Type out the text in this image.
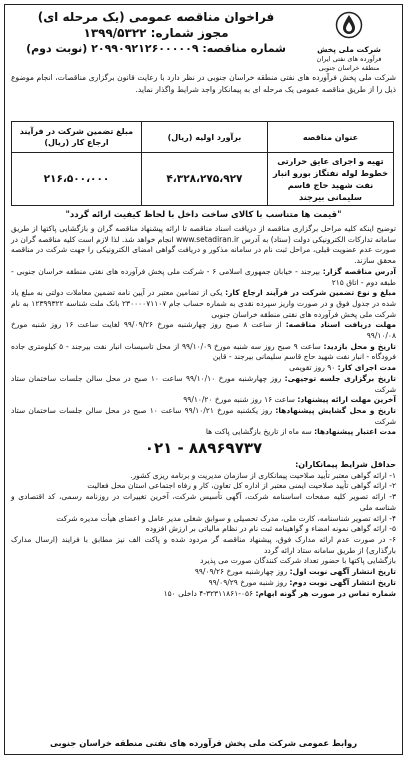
شرکت ملی پخش
فرآورده های نفتی ایران
منطقه خراسان جنوبی
فراخوان مناقصه عمومی (یک مرحله ای)
مجوز شماره: ۱۳۹۹/۵۳۲۲
شماره مناقصه: ۲۰۹۹۰۹۲۱۲۶۰۰۰۰۰۹ (نوبت دوم)
شرکت ملی پخش فرآورده های نفتی منطقه خراسان جنوبی در نظر دارد با رعایت قانون برگزاری مناقصات، انجام موضوع ذیل را از طریق مناقصه عمومی یک مرحله ای به پیمانکار واجد شرایط واگذار نماید.
عنوان مناقصه	برآورد اولیه (ریال)	مبلغ تضمین شرکت در فرآیند ارجاع کار (ریال)
تهیه و اجرای عایق حرارتی خطوط لوله نفتگاز بورو انبار نفت شهید حاج قاسم سلیمانی بیرجند	۴،۳۲۸،۲۷۵،۹۲۷	۲۱۶،۵۰۰،۰۰۰
"قیمت ها متناسب با کالای ساخت داخل با لحاظ کیفیت ارائه گردد"

توضیح اینکه کلیه مراحل برگزاری مناقصه از دریافت اسناد مناقصه تا ارائه پیشنهاد مناقصه گران و بازگشایی پاکتها از طریق سامانه تدارکات الکترونیکی دولت (ستاد) به آدرس www.setadiran.ir انجام خواهد شد. لذا لازم است کلیه مناقصه گران در صورت عدم عضویت قبلی، مراحل ثبت نام در سامانه مذکور و دریافت گواهی امضای الکترونیکی را جهت شرکت در مناقصه محقق سازند.

آدرس مناقصه گزار: بیرجند - خیابان جمهوری اسلامی ۶ - شرکت ملی پخش فرآورده های نفتی منطقه خراسان جنوبی - طبقه دوم - اتاق ۲۱۵

مبلغ و نوع تضمین شرکت در فرآیند ارجاع کار: یکی از تضامین معتبر در آیین نامه تضمین معاملات دولتی به مبلغ یاد شده در جدول فوق و در صورت واریز سپرده نقدی به شماره حساب جام ۲۳۰۰۰۰۷۱۱۰۷ بانک ملت شناسه ۱۲۳۹۹۳۲۲ به نام شرکت ملی پخش فرآورده های نفتی منطقه خراسان جنوبی

مهلت دریافت اسناد مناقصه: از ساعت ۸ صبح روز چهارشنبه مورخ ۹۹/۰۹/۲۶ لغایت ساعت ۱۶ روز شنبه مورخ ۹۹/۱۰/۰۸

تاریخ و محل بازدید: ساعت ۹ صبح روز سه شنبه مورخ ۹۹/۱۰/۰۹ از محل تاسیسات انبار نفت بیرجند - ۵ کیلومتری جاده فرودگاه - انبار نفت شهید حاج قاسم سلیمانی بیرجند - قاین

مدت اجرای کار: ۹۰ روز تقویمی

تاریخ برگزاری جلسه توجیهی: روز چهارشنبه مورخ ۹۹/۱۰/۱۰ ساعت ۱۰ صبح در محل سالن جلسات ساختمان ستاد شرکت

آخرین مهلت ارائه پیشنهاد: ساعت ۱۶ روز شنبه مورخ ۹۹/۱۰/۲۰

تاریخ و محل گشایش پیشنهادها: روز یکشنبه مورخ ۹۹/۱۰/۲۱ ساعت ۱۰ صبح در محل سالن جلسات ساختمان ستاد شرکت

مدت اعتبار پیشنهادها: سه ماه از تاریخ بازگشایی پاکت ها

۰۲۱ - ۸۸۹۶۹۷۳۷

حداقل شرایط پیمانکاران:

۱- ارائه گواهی معتبر تأیید صلاحیت پیمانکاری از سازمان مدیریت و برنامه ریزی کشور.

۲- ارائه گواهی تأیید صلاحیت ایمنی معتبر از اداره کل تعاون، کار و رفاه اجتماعی استان محل فعالیت

۳- ارائه تصویر کلیه صفحات اساسنامه شرکت، آگهی تأسیس شرکت، آخرین تغییرات در روزنامه رسمی، کد اقتصادی و شناسه ملی

۴- ارائه تصویر شناسنامه، کارت ملی، مدرک تحصیلی و سوابق شغلی مدیر عامل و اعضای هیأت مدیره شرکت

۵- ارائه گواهی نمونه امضاء و گواهینامه ثبت نام در نظام مالیاتی بر ارزش افزوده

۶- در صورت عدم ارائه مدارک فوق، پیشنهاد مناقصه گر مردود شده و پاکت الف نیز مطابق با فرایند (ارسال مدارک بارگذاری) از طریق سامانه ستاد ارائه گردد

بازگشایی پاکتها با حضور تعداد شرکت کنندگان صورت می پذیرد

تاریخ انتشار آگهی نوبت اول: روز چهارشنبه مورخ ۹۹/۰۹/۲۶

تاریخ انتشار آگهی نوبت دوم: روز شنبه مورخ ۹۹/۰۹/۲۹

شماره تماس در صورت هر گونه ابهام: ۰۵۶-۳۲۳۱۱۸۶۱-۴ داخلی ۱۵۰

روابط عمومی شرکت ملی پخش فرآورده های نفتی منطقه خراسان جنوبی
